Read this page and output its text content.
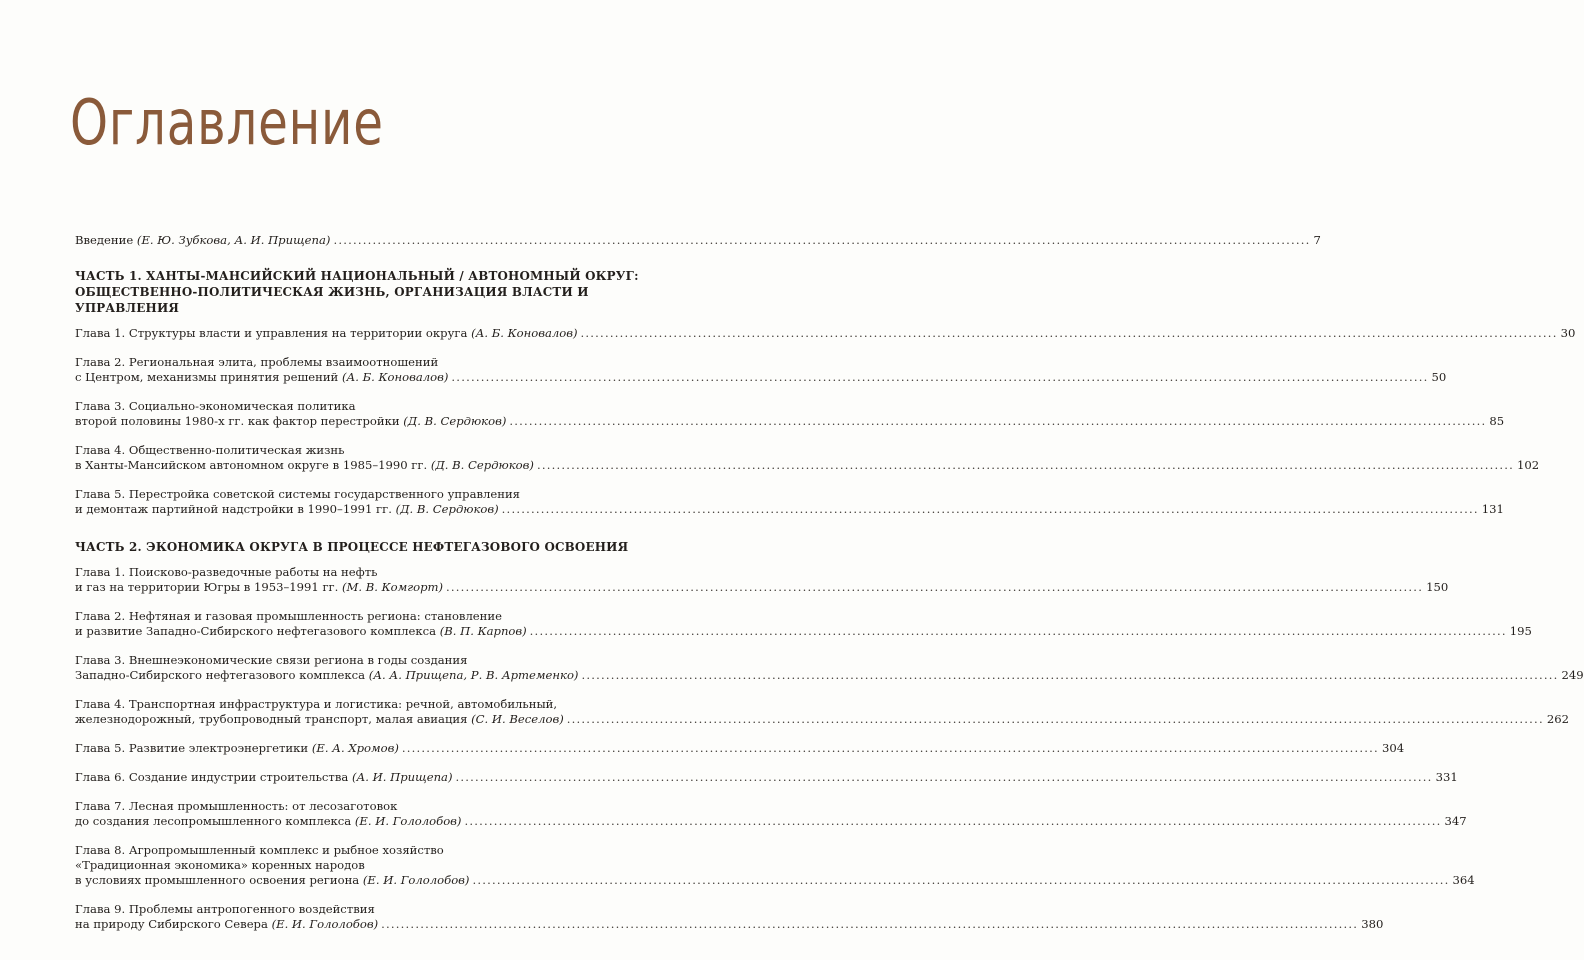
Оглавление
Введение (Е. Ю. Зубкова, А. И. Прищепа) ........................................................................................................................................................................................................ 7
ЧАСТЬ 1. ХАНТЫ-МАНСИЙСКИЙ НАЦИОНАЛЬНЫЙ / АВТОНОМНЫЙ ОКРУГ:
ОБЩЕСТВЕННО-ПОЛИТИЧЕСКАЯ ЖИЗНЬ, ОРГАНИЗАЦИЯ ВЛАСТИ И УПРАВЛЕНИЯ
Глава 1. Структуры власти и управления на территории округа (А. Б. Коновалов) ........................................................................................................................................................................................................ 30
Глава 2. Региональная элита, проблемы взаимоотношений
с Центром, механизмы принятия решений (А. Б. Коновалов) ........................................................................................................................................................................................................ 50
Глава 3. Социально-экономическая политика
второй половины 1980-х гг. как фактор перестройки (Д. В. Сердюков) ........................................................................................................................................................................................................ 85
Глава 4. Общественно-политическая жизнь
в Ханты-Мансийском автономном округе в 1985–1990 гг. (Д. В. Сердюков) ........................................................................................................................................................................................................ 102
Глава 5. Перестройка советской системы государственного управления
и демонтаж партийной надстройки в 1990–1991 гг. (Д. В. Сердюков) ........................................................................................................................................................................................................ 131
ЧАСТЬ 2. ЭКОНОМИКА ОКРУГА В ПРОЦЕССЕ НЕФТЕГАЗОВОГО ОСВОЕНИЯ
Глава 1. Поисково-разведочные работы на нефть
и газ на территории Югры в 1953–1991 гг. (М. В. Комгорт) ........................................................................................................................................................................................................ 150
Глава 2. Нефтяная и газовая промышленность региона: становление
и развитие Западно-Сибирского нефтегазового комплекса (В. П. Карпов) ........................................................................................................................................................................................................ 195
Глава 3. Внешнеэкономические связи региона в годы создания
Западно-Сибирского нефтегазового комплекса (А. А. Прищепа, Р. В. Артеменко) ........................................................................................................................................................................................................ 249
Глава 4. Транспортная инфраструктура и логистика: речной, автомобильный,
железнодорожный, трубопроводный транспорт, малая авиация (С. И. Веселов) ........................................................................................................................................................................................................ 262
Глава 5. Развитие электроэнергетики (Е. А. Хромов) ........................................................................................................................................................................................................ 304
Глава 6. Создание индустрии строительства (А. И. Прищепа) ........................................................................................................................................................................................................ 331
Глава 7. Лесная промышленность: от лесозаготовок
до создания лесопромышленного комплекса (Е. И. Гололобов) ........................................................................................................................................................................................................ 347
Глава 8. Агропромышленный комплекс и рыбное хозяйство
«Традиционная экономика» коренных народов
в условиях промышленного освоения региона (Е. И. Гололобов) ........................................................................................................................................................................................................ 364
Глава 9. Проблемы антропогенного воздействия
на природу Сибирского Севера (Е. И. Гололобов) ........................................................................................................................................................................................................ 380
